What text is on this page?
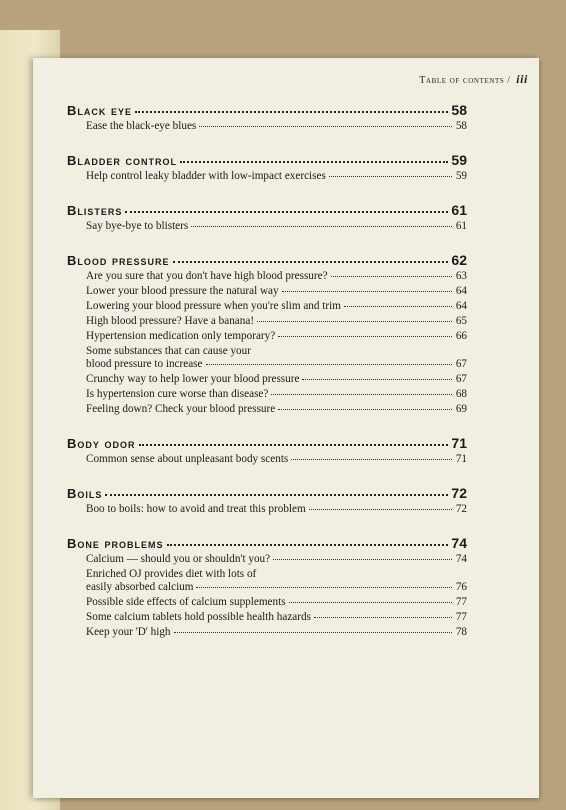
Table of contents / iii
Black eye	58
Ease the black-eye blues	58
Bladder control	59
Help control leaky bladder with low-impact exercises	59
Blisters	61
Say bye-bye to blisters	61
Blood pressure	62
Are you sure that you don't have high blood pressure?	63
Lower your blood pressure the natural way	64
Lowering your blood pressure when you're slim and trim	64
High blood pressure? Have a banana!	65
Hypertension medication only temporary?	66
Some substances that can cause your
blood pressure to increase	67
Crunchy way to help lower your blood pressure	67
Is hypertension cure worse than disease?	68
Feeling down? Check your blood pressure	69
Body odor	71
Common sense about unpleasant body scents	71
Boils	72
Boo to boils: how to avoid and treat this problem	72
Bone problems	74
Calcium — should you or shouldn't you?	74
Enriched OJ provides diet with lots of
easily absorbed calcium	76
Possible side effects of calcium supplements	77
Some calcium tablets hold possible health hazards	77
Keep your 'D' high	78
